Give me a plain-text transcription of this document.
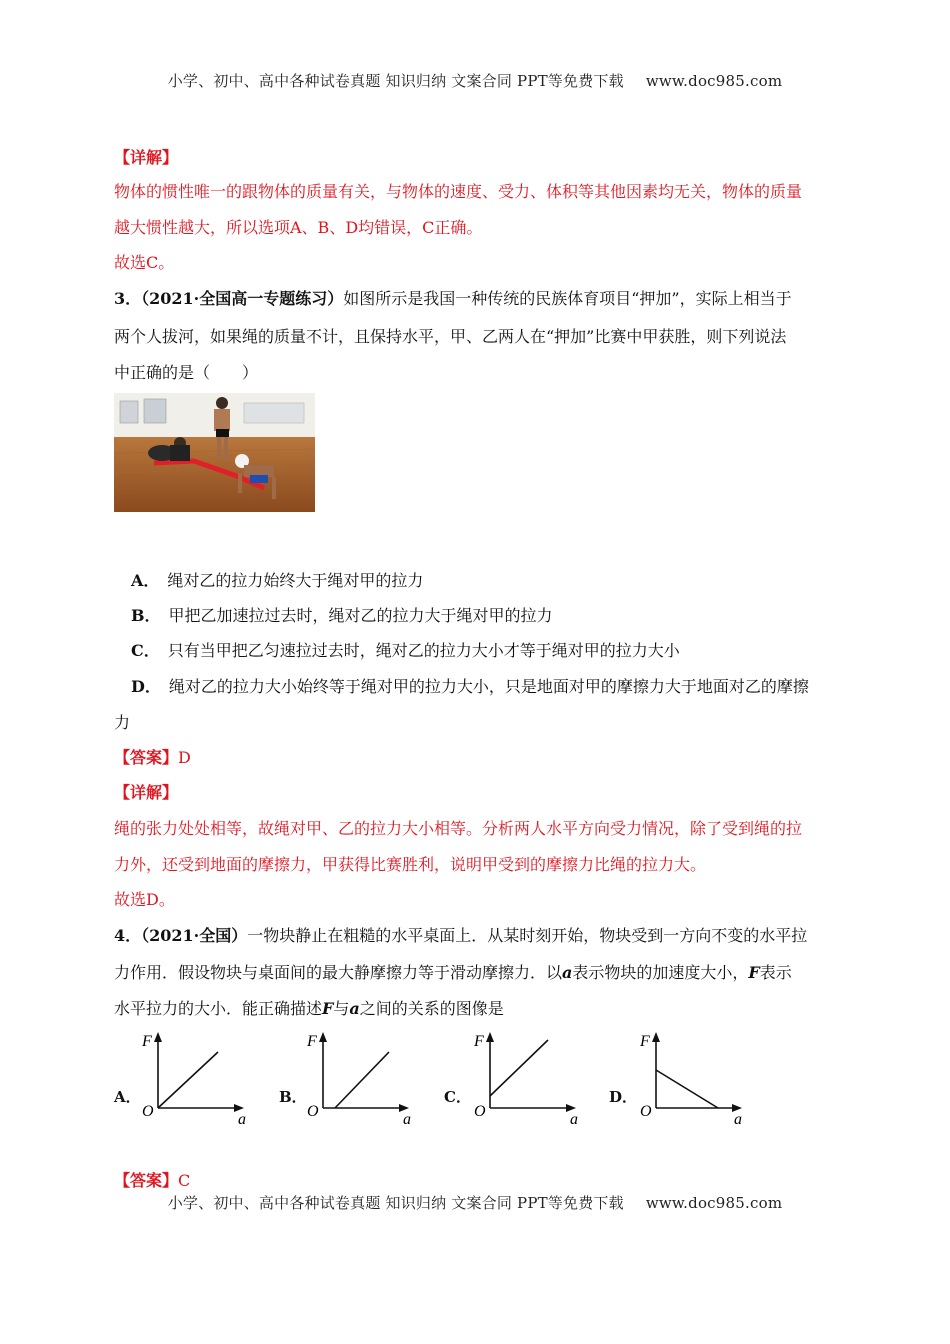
小学、初中、高中各种试卷真题 知识归纳 文案合同 PPT等免费下载 www.doc985.com
【详解】
物体的惯性唯一的跟物体的质量有关，与物体的速度、受力、体积等其他因素均无关，物体的质量
越大惯性越大，所以选项A、B、D均错误，C正确。
故选C。
3．（2021·全国高一专题练习）如图所示是我国一种传统的民族体育项目“押加”，实际上相当于
两个人拔河，如果绳的质量不计，且保持水平，甲、乙两人在“押加”比赛中甲获胜，则下列说法
中正确的是（　　）
A． 绳对乙的拉力始终大于绳对甲的拉力
B． 甲把乙加速拉过去时，绳对乙的拉力大于绳对甲的拉力
C． 只有当甲把乙匀速拉过去时，绳对乙的拉力大小才等于绳对甲的拉力大小
D． 绳对乙的拉力大小始终等于绳对甲的拉力大小，只是地面对甲的摩擦力大于地面对乙的摩擦
力
【答案】D
【详解】
绳的张力处处相等，故绳对甲、乙的拉力大小相等。分析两人水平方向受力情况，除了受到绳的拉
力外，还受到地面的摩擦力，甲获得比赛胜利，说明甲受到的摩擦力比绳的拉力大。
故选D。
4．（2021·全国）一物块静止在粗糙的水平桌面上．从某时刻开始，物块受到一方向不变的水平拉
力作用．假设物块与桌面间的最大静摩擦力等于滑动摩擦力．以a表示物块的加速度大小，F表示
水平拉力的大小．能正确描述F与a之间的关系的图像是
A．
F
O	a
B．
F
O	a
C．
F
O	a
D．
F
O	a
【答案】C
小学、初中、高中各种试卷真题 知识归纳 文案合同 PPT等免费下载 www.doc985.com
